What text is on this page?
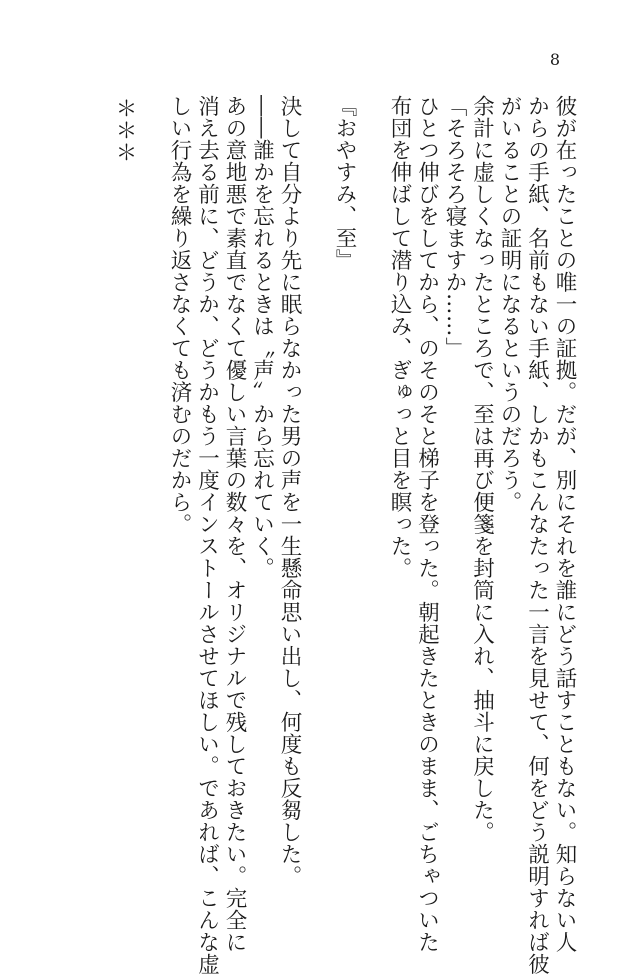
8
彼が在ったことの唯一の証拠。だが、別にそれを誰にどう話すこともない。知らない人
からの手紙、名前もない手紙、しかもこんなたった一言を見せて、何をどう説明すれば彼
がいることの証明になるというのだろう。
余計に虚しくなったところで、至は再び便箋を封筒に入れ、抽斗に戻した。
「そろそろ寝ますか……」
ひとつ伸びをしてから、のそのそと梯子を登った。朝起きたときのまま、ごちゃついた
布団を伸ばして潜り込み、ぎゅっと目を瞑った。
『おやすみ、至』
決して自分より先に眠らなかった男の声を一生懸命思い出し、何度も反芻した。
――誰かを忘れるときは〝声〟から忘れていく。
あの意地悪で素直でなくて優しい言葉の数々を、オリジナルで残しておきたい。完全に
消え去る前に、どうか、どうかもう一度インストールさせてほしい。であれば、こんな虚
しい行為を繰り返さなくても済むのだから。
＊＊＊
